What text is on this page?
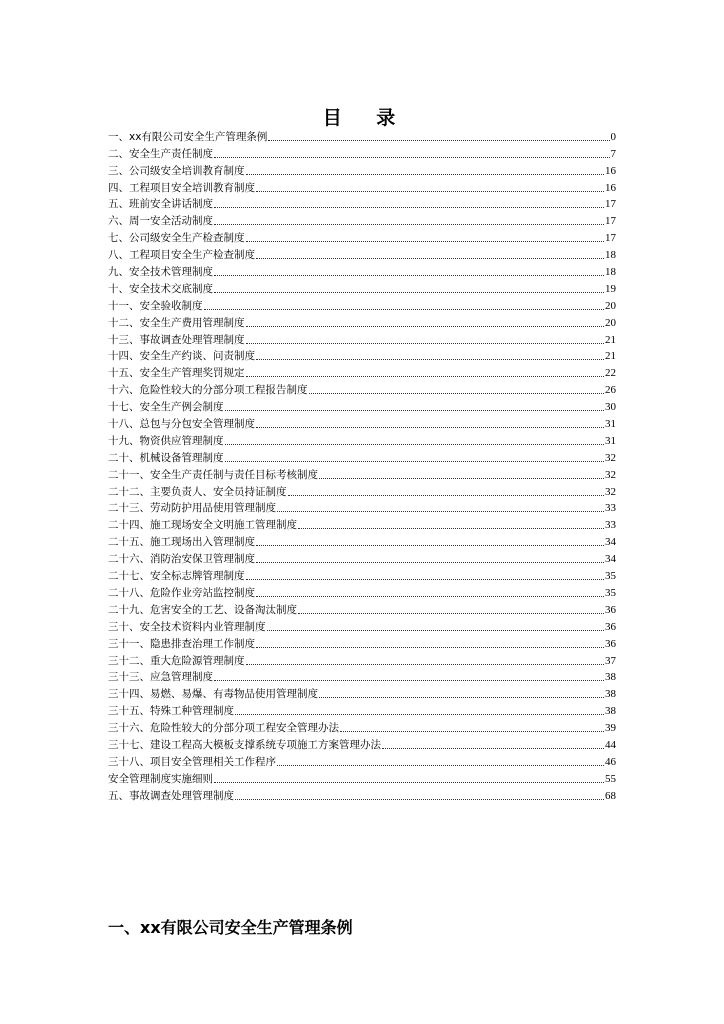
目 录
一、xx有限公司安全生产管理条例	0
二、安全生产责任制度	7
三、公司级安全培训教育制度	16
四、工程项目安全培训教育制度	16
五、班前安全讲话制度	17
六、周一安全活动制度	17
七、公司级安全生产检查制度	17
八、工程项目安全生产检查制度	18
九、安全技术管理制度	18
十、安全技术交底制度	19
十一、安全验收制度	20
十二、安全生产费用管理制度	20
十三、事故调查处理管理制度	21
十四、安全生产约谈、问责制度	21
十五、安全生产管理奖罚规定	22
十六、危险性较大的分部分项工程报告制度	26
十七、安全生产例会制度	30
十八、总包与分包安全管理制度	31
十九、物资供应管理制度	31
二十、机械设备管理制度	32
二十一、安全生产责任制与责任目标考核制度	32
二十二、主要负责人、安全员持证制度	32
二十三、劳动防护用品使用管理制度	33
二十四、施工现场安全文明施工管理制度	33
二十五、施工现场出入管理制度	34
二十六、消防治安保卫管理制度	34
二十七、安全标志牌管理制度	35
二十八、危险作业旁站监控制度	35
二十九、危害安全的工艺、设备淘汰制度	36
三十、安全技术资料内业管理制度	36
三十一、隐患排查治理工作制度	36
三十二、重大危险源管理制度	37
三十三、应急管理制度	38
三十四、易燃、易爆、有毒物品使用管理制度	38
三十五、特殊工种管理制度	38
三十六、危险性较大的分部分项工程安全管理办法	39
三十七、建设工程高大模板支撑系统专项施工方案管理办法	44
三十八、项目安全管理相关工作程序	46
安全管理制度实施细则	55
五、事故调查处理管理制度	68
一、xx有限公司安全生产管理条例
